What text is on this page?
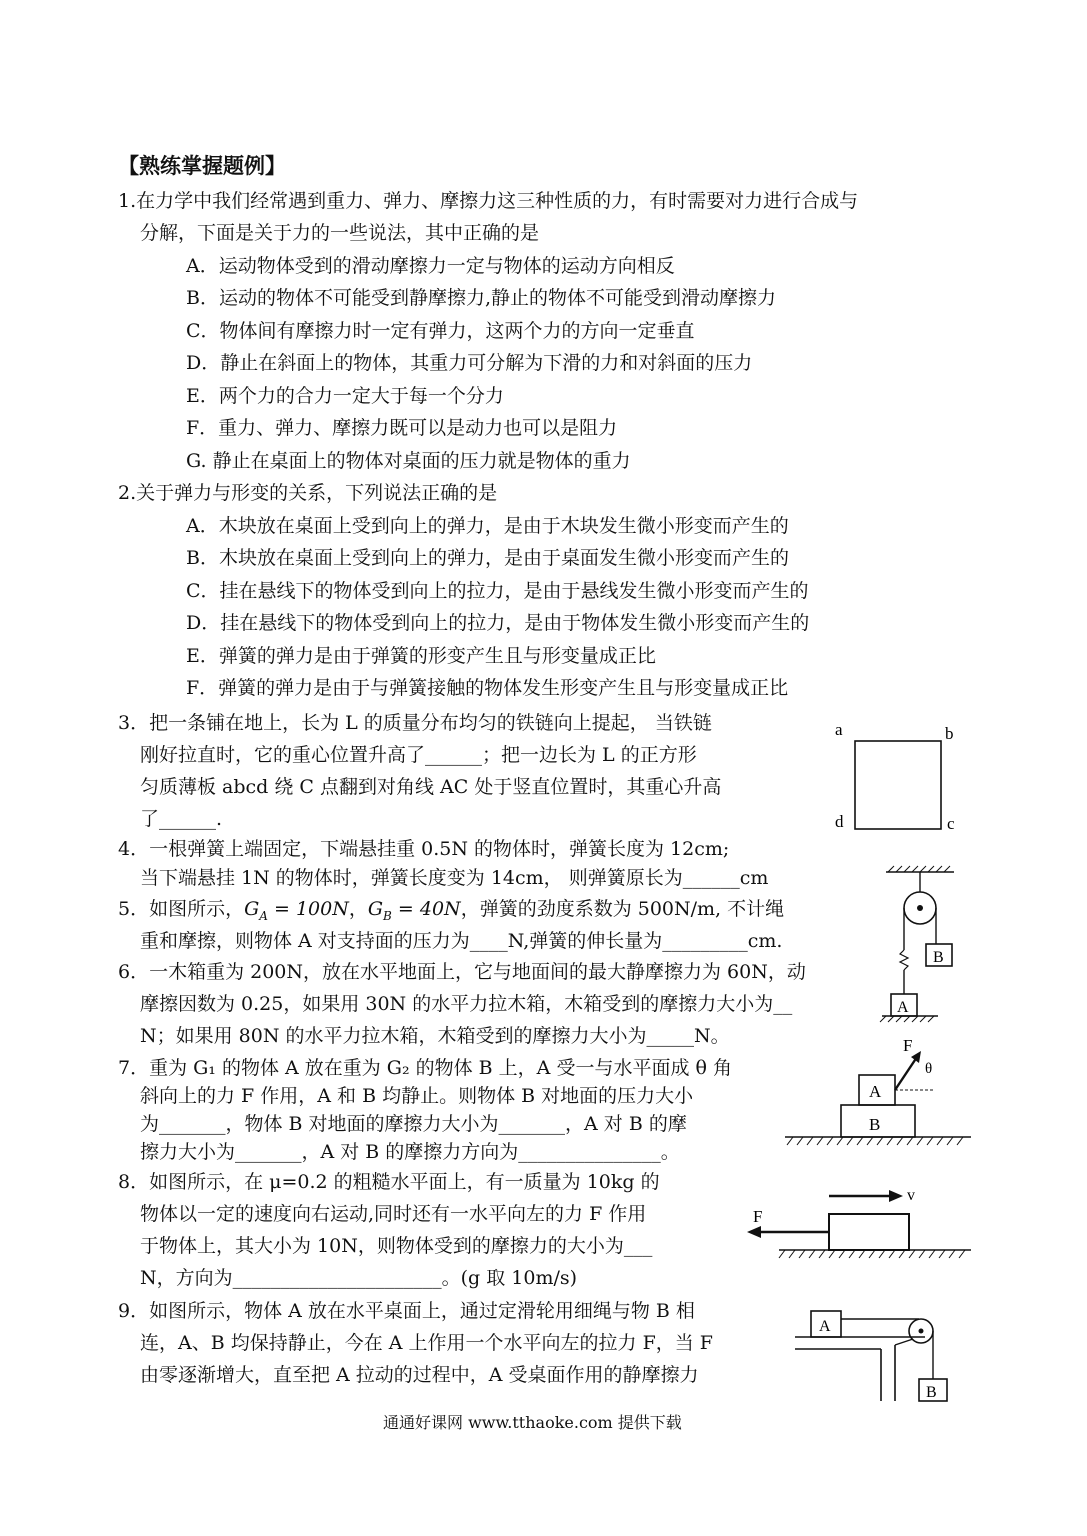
【熟练掌握题例】
1.在力学中我们经常遇到重力、弹力、摩擦力这三种性质的力，有时需要对力进行合成与
分解，下面是关于力的一些说法，其中正确的是
A．运动物体受到的滑动摩擦力一定与物体的运动方向相反
B．运动的物体不可能受到静摩擦力,静止的物体不可能受到滑动摩擦力
C．物体间有摩擦力时一定有弹力，这两个力的方向一定垂直
D．静止在斜面上的物体，其重力可分解为下滑的力和对斜面的压力
E．两个力的合力一定大于每一个分力
F．重力、弹力、摩擦力既可以是动力也可以是阻力
G. 静止在桌面上的物体对桌面的压力就是物体的重力
2.关于弹力与形变的关系，下列说法正确的是
A．木块放在桌面上受到向上的弹力，是由于木块发生微小形变而产生的
B．木块放在桌面上受到向上的弹力，是由于桌面发生微小形变而产生的
C．挂在悬线下的物体受到向上的拉力，是由于悬线发生微小形变而产生的
D．挂在悬线下的物体受到向上的拉力，是由于物体发生微小形变而产生的
E．弹簧的弹力是由于弹簧的形变产生且与形变量成正比
F．弹簧的弹力是由于与弹簧接触的物体发生形变产生且与形变量成正比
3．把一条铺在地上，长为 L 的质量分布均匀的铁链向上提起， 当铁链
刚好拉直时，它的重心位置升高了______；把一边长为 L 的正方形
匀质薄板 abcd 绕 C 点翻到对角线 AC 处于竖直位置时，其重心升高
了______.
a	b
d	c
4．一根弹簧上端固定，下端悬挂重 0.5N 的物体时，弹簧长度为 12cm;
当下端悬挂 1N 的物体时，弹簧长度变为 14cm， 则弹簧原长为______cm
5．如图所示，$G_A = 100N$，$G_B = 40N$，弹簧的劲度系数为 500N/m, 不计绳
重和摩擦，则物体 A 对支持面的压力为____N,弹簧的伸长量为_________cm.
B
A
6．一木箱重为 200N，放在水平地面上，它与地面间的最大静摩擦力为 60N，动
摩擦因数为 0.25，如果用 30N 的水平力拉木箱，木箱受到的摩擦力大小为__
N；如果用 80N 的水平力拉木箱，木箱受到的摩擦力大小为_____N。
7．重为 G₁ 的物体 A 放在重为 G₂ 的物体 B 上，A 受一与水平面成 θ 角
斜向上的力 F 作用，A 和 B 均静止。则物体 B 对地面的压力大小
为_______，物体 B 对地面的摩擦力大小为_______，A 对 B 的摩
擦力大小为_______，A 对 B 的摩擦力方向为_______________。
B
A
F
θ
8．如图所示，在 μ=0.2 的粗糙水平面上，有一质量为 10kg 的
物体以一定的速度向右运动,同时还有一水平向左的力 F 作用
于物体上，其大小为 10N，则物体受到的摩擦力的大小为___
N，方向为______________________。(g 取 10m/s)
v
F
9．如图所示，物体 A 放在水平桌面上，通过定滑轮用细绳与物 B 相
连，A、B 均保持静止，今在 A 上作用一个水平向左的拉力 F，当 F
由零逐渐增大，直至把 A 拉动的过程中，A 受桌面作用的静摩擦力
A
B
通通好课网 www.tthaoke.com 提供下载
